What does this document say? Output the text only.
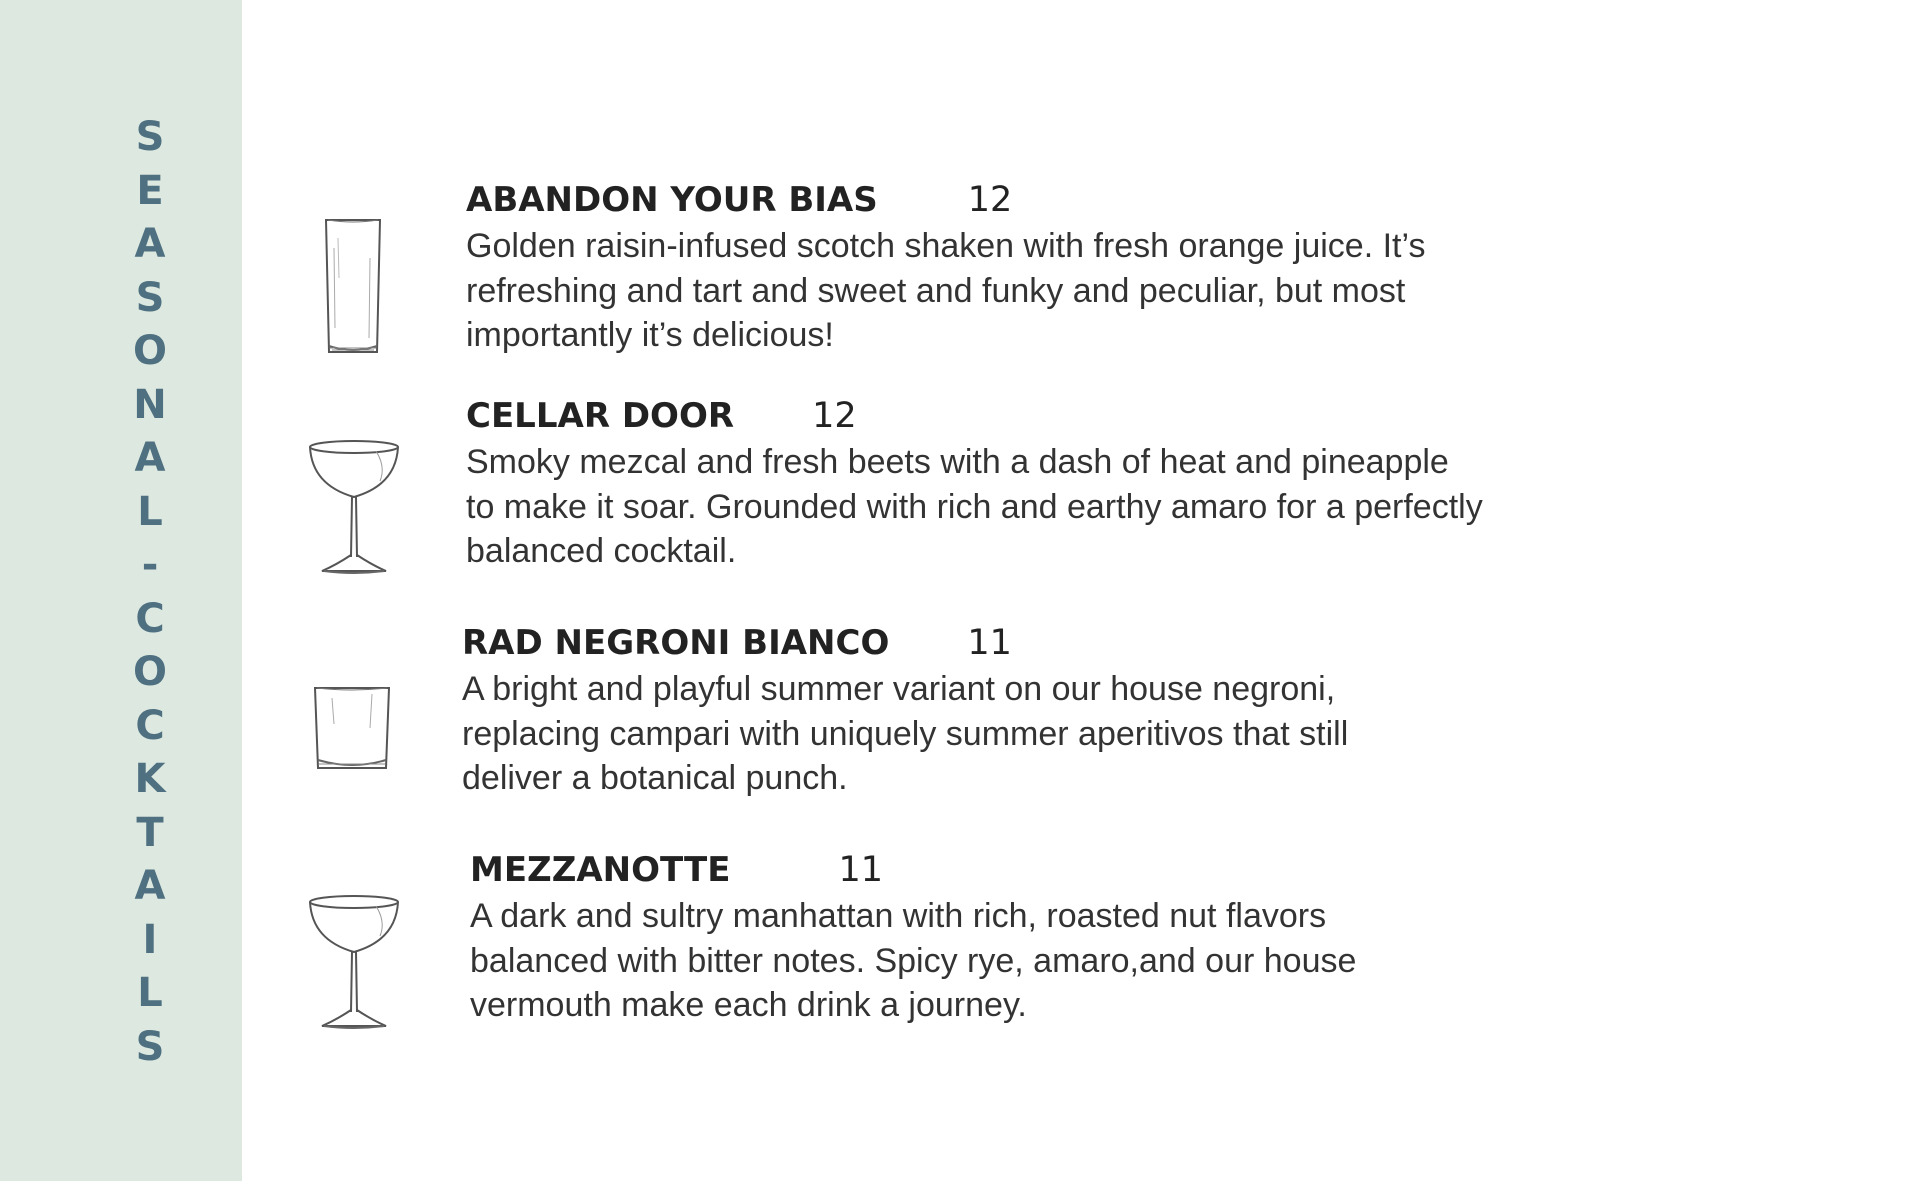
S
E
A
S
O
N
A
L
-
C
O
C
K
T
A
I
L
S
ABANDON YOUR BIAS	12
Golden raisin-infused scotch shaken with fresh orange juice. It’s refreshing and tart and sweet and funky and peculiar, but most importantly it’s delicious!
CELLAR DOOR 12
Smoky mezcal and fresh beets with a dash of heat and pineapple to make it soar. Grounded with rich and earthy amaro for a perfectly balanced cocktail.
RAD NEGRONI BIANCO 11
A bright and playful summer variant on our house negroni, replacing campari with uniquely summer aperitivos that still deliver a botanical punch.
MEZZANOTTE	11
A dark and sultry manhattan with rich, roasted nut flavors balanced with bitter notes. Spicy rye, amaro,and our house vermouth make each drink a journey.
